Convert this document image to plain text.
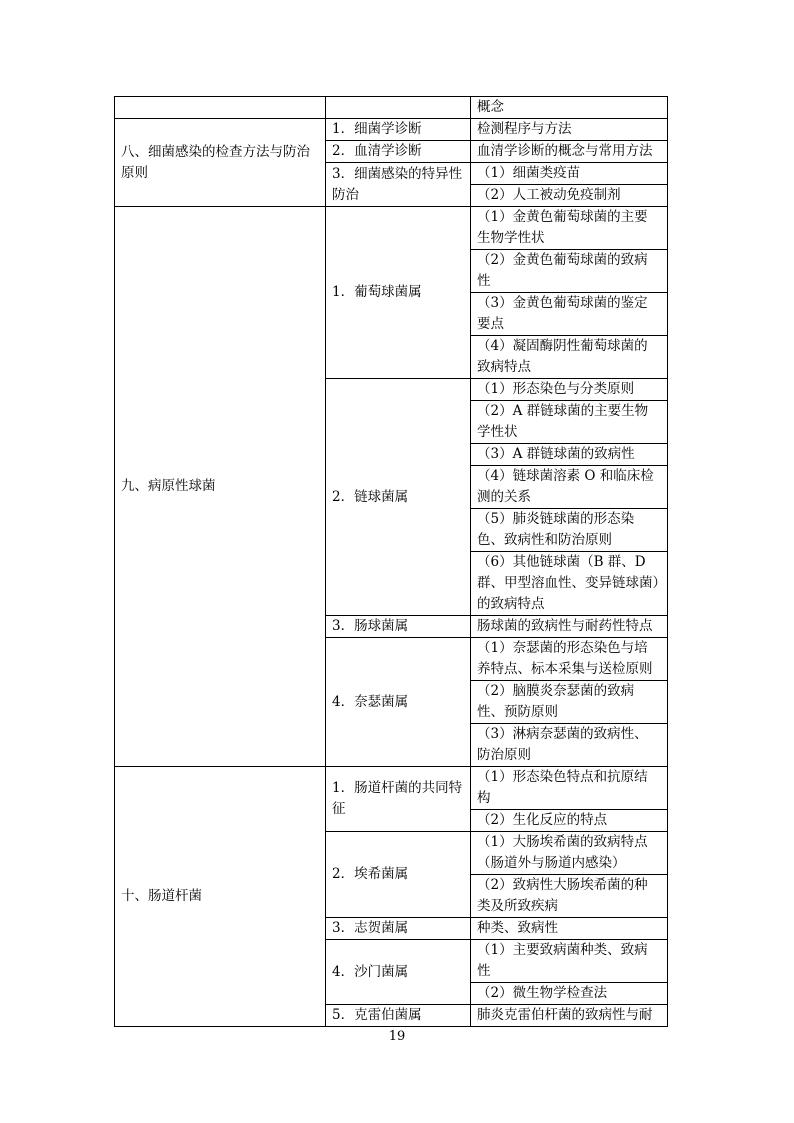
		概念
八、细菌感染的检查方法与防治原则	1．细菌学诊断	检测程序与方法
	2．血清学诊断	血清学诊断的概念与常用方法
	3．细菌感染的特异性防治	（1）细菌类疫苗
		（2）人工被动免疫制剂
九、病原性球菌	1．葡萄球菌属	（1）金黄色葡萄球菌的主要生物学性状
		（2）金黄色葡萄球菌的致病性
		（3）金黄色葡萄球菌的鉴定要点
		（4）凝固酶阴性葡萄球菌的致病特点
	2．链球菌属	（1）形态染色与分类原则
		（2）A 群链球菌的主要生物学性状
		（3）A 群链球菌的致病性
		（4）链球菌溶素 O 和临床检测的关系
		（5）肺炎链球菌的形态染色、致病性和防治原则
		（6）其他链球菌（B 群、D 群、甲型溶血性、变异链球菌）的致病特点
	3．肠球菌属	肠球菌的致病性与耐药性特点
	4．奈瑟菌属	（1）奈瑟菌的形态染色与培养特点、标本采集与送检原则
		（2）脑膜炎奈瑟菌的致病性、预防原则
		（3）淋病奈瑟菌的致病性、防治原则
十、肠道杆菌	1．肠道杆菌的共同特征	（1）形态染色特点和抗原结构
		（2）生化反应的特点
	2．埃希菌属	（1）大肠埃希菌的致病特点（肠道外与肠道内感染）
		（2）致病性大肠埃希菌的种类及所致疾病
	3．志贺菌属	种类、致病性
	4．沙门菌属	（1）主要致病菌种类、致病性
		（2）微生物学检查法
	5．克雷伯菌属	肺炎克雷伯杆菌的致病性与耐
19
